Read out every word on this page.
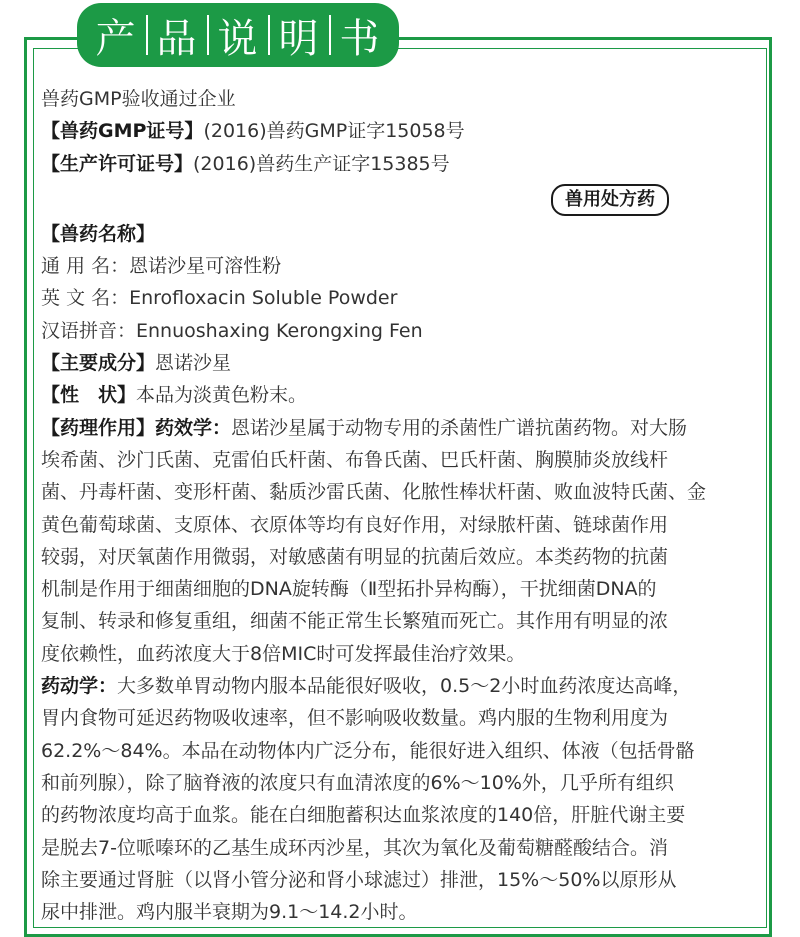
产 品 说 明 书
兽药GMP验收通过企业
【兽药GMP证号】(2016)兽药GMP证字15058号
【生产许可证号】(2016)兽药生产证字15385号
兽用处方药
【兽药名称】
通 用 名：恩诺沙星可溶性粉
英 文 名：Enrofloxacin Soluble Powder
汉语拼音：Ennuoshaxing Kerongxing Fen
【主要成分】恩诺沙星
【性　状】本品为淡黄色粉末。
【药理作用】药效学：恩诺沙星属于动物专用的杀菌性广谱抗菌药物。对大肠
埃希菌、沙门氏菌、克雷伯氏杆菌、布鲁氏菌、巴氏杆菌、胸膜肺炎放线杆
菌、丹毒杆菌、变形杆菌、黏质沙雷氏菌、化脓性棒状杆菌、败血波特氏菌、金
黄色葡萄球菌、支原体、衣原体等均有良好作用，对绿脓杆菌、链球菌作用
较弱，对厌氧菌作用微弱，对敏感菌有明显的抗菌后效应。本类药物的抗菌
机制是作用于细菌细胞的DNA旋转酶（Ⅱ型拓扑异构酶），干扰细菌DNA的
复制、转录和修复重组，细菌不能正常生长繁殖而死亡。其作用有明显的浓
度依赖性，血药浓度大于8倍MIC时可发挥最佳治疗效果。
药动学：大多数单胃动物内服本品能很好吸收，0.5～2小时血药浓度达高峰，
胃内食物可延迟药物吸收速率，但不影响吸收数量。鸡内服的生物利用度为
62.2%～84%。本品在动物体内广泛分布，能很好进入组织、体液（包括骨骼
和前列腺），除了脑脊液的浓度只有血清浓度的6%～10%外，几乎所有组织
的药物浓度均高于血浆。能在白细胞蓄积达血浆浓度的140倍，肝脏代谢主要
是脱去7-位哌嗪环的乙基生成环丙沙星，其次为氧化及葡萄糖醛酸结合。消
除主要通过肾脏（以肾小管分泌和肾小球滤过）排泄，15%～50%以原形从
尿中排泄。鸡内服半衰期为9.1～14.2小时。
